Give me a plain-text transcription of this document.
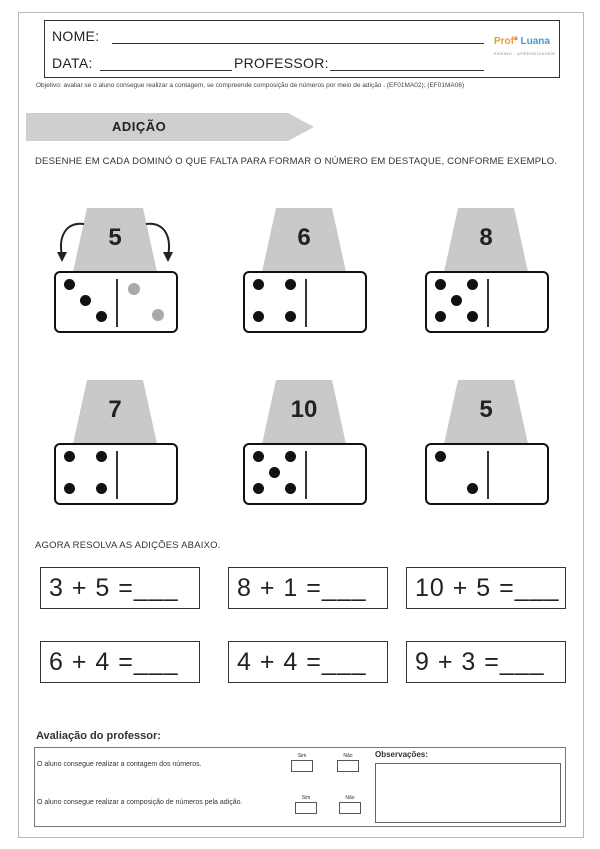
NOME:
DATA:	PROFESSOR:
Profª Luana
ENSINO · APRENDIZAGEM
Objetivo: avaliar se o aluno consegue realizar a contagem, se compreende composição de números por meio de adição . (EF01MA02); (EF01MA06)
ADIÇÃO
DESENHE EM CADA DOMINÓ O QUE FALTA PARA FORMAR O NÚMERO EM DESTAQUE, CONFORME EXEMPLO.
5	6	8
7	10	5
AGORA RESOLVA AS ADIÇÕES ABAIXO.
3 + 5 =___	8 + 1 =___	10 + 5 =___
6 + 4 =___	4 + 4 =___	9 + 3 =___
Avaliação do professor:
O aluno consegue realizar a contagem dos números.
Sim	Não
O aluno consegue realizar a composição de números pela adição.
Sim	Não
Observações:
